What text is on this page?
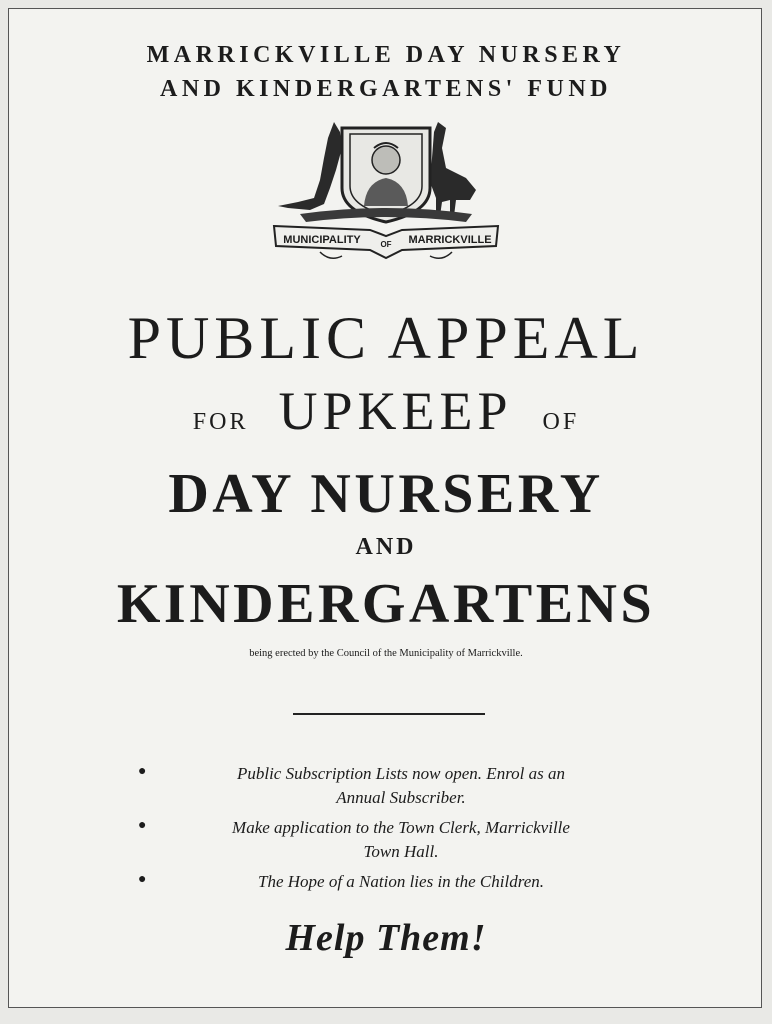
MARRICKVILLE DAY NURSERY
AND KINDERGARTENS' FUND
MUNICIPALITY OF MARRICKVILLE
PUBLIC APPEAL
FOR UPKEEP OF
DAY NURSERY
AND
KINDERGARTENS
being erected by the Council of the Municipality of Marrickville.
●	Public Subscription Lists now open. Enrol as an
Annual Subscriber.
●	Make application to the Town Clerk, Marrickville
Town Hall.
●	The Hope of a Nation lies in the Children.
Help Them!
